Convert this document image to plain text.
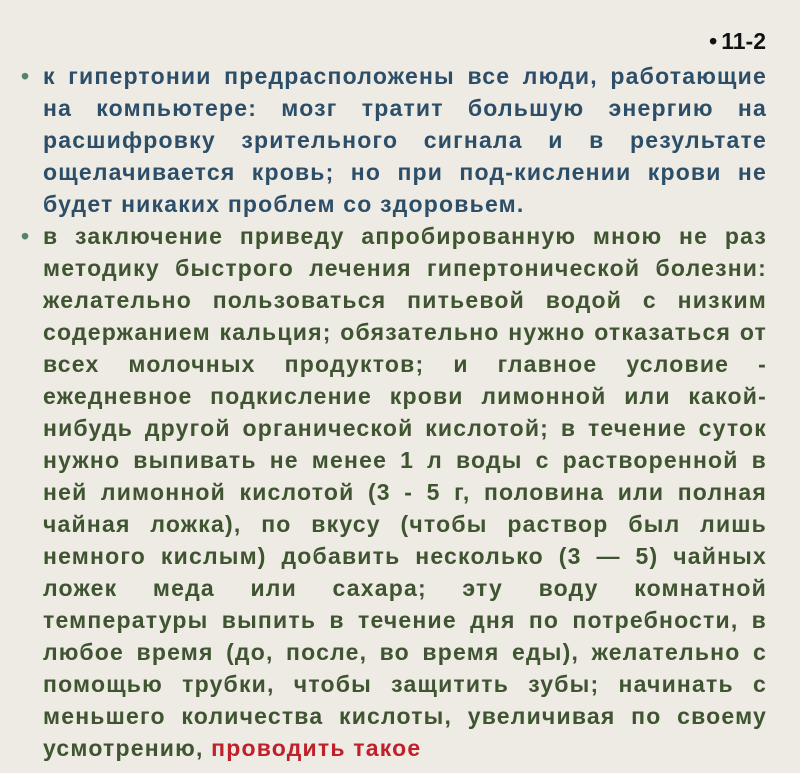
• 11-2
• к гипертонии предрасположены все люди, работающие на компьютере: мозг тратит большую энергию на расшифровку зрительного сигнала и в результате ощелачивается кровь; но при под-кислении крови не будет никаких проблем со здоровьем.
• в заключение приведу апробированную мною не раз методику быстрого лечения гипертонической болезни: желательно пользоваться питьевой водой с низким содержанием кальция; обязательно нужно отказаться от всех молочных продуктов; и главное условие - ежедневное подкисление крови лимонной или какой-нибудь другой органической кислотой; в течение суток нужно выпивать не менее 1 л воды с растворенной в ней лимонной кислотой (3 - 5 г, половина или полная чайная ложка), по вкусу (чтобы раствор был лишь немного кислым) добавить несколько (3 — 5) чайных ложек меда или сахара; эту воду комнатной температуры выпить в течение дня по потребности, в любое время (до, после, во время еды), желательно с помощью трубки, чтобы защитить зубы; начинать с меньшего количества кислоты, увеличивая по своему усмотрению, проводить такое
